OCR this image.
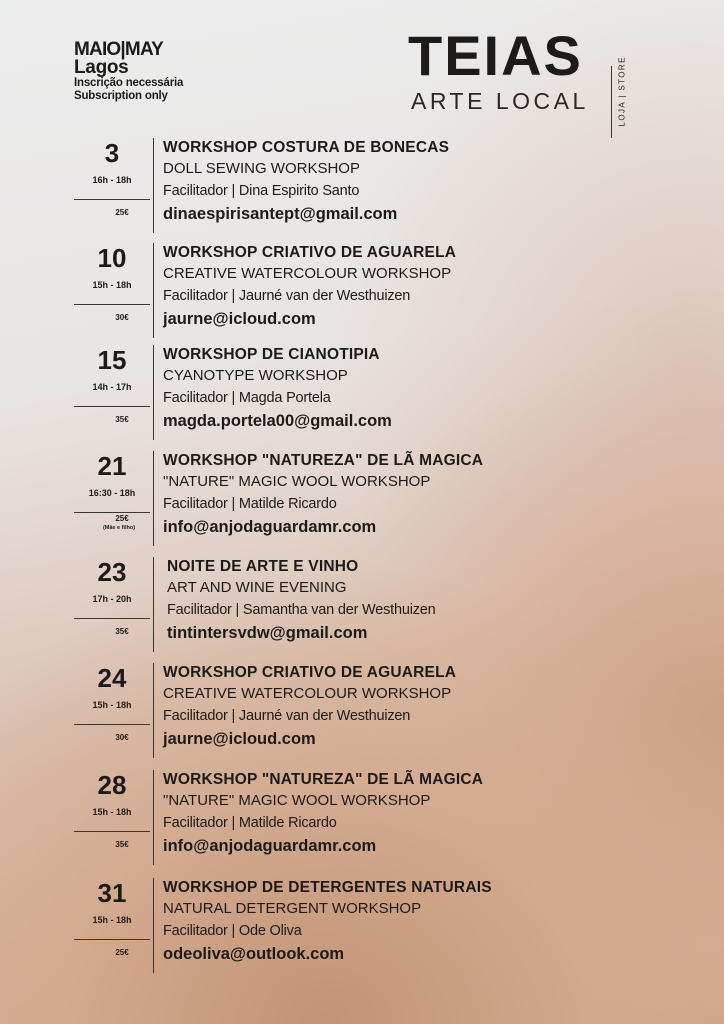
MAIO|MAY
Lagos
Inscrição necessária
Subscription only
TEIAS
ARTE LOCAL	LOJA | STORE
3
16h - 18h
25€
WORKSHOP COSTURA DE BONECAS
DOLL SEWING WORKSHOP
Facilitador | Dina Espirito Santo
dinaespirisantept@gmail.com
10
15h - 18h
30€
WORKSHOP CRIATIVO DE AGUARELA
CREATIVE WATERCOLOUR WORKSHOP
Facilitador | Jaurné van der Westhuizen
jaurne@icloud.com
15
14h - 17h
35€
WORKSHOP DE CIANOTIPIA
CYANOTYPE WORKSHOP
Facilitador | Magda Portela
magda.portela00@gmail.com
21
16:30 - 18h
25€
(Mãe e filho)
WORKSHOP "NATUREZA" DE LÃ MAGICA
"NATURE" MAGIC WOOL WORKSHOP
Facilitador | Matilde Ricardo
info@anjodaguardamr.com
23
17h - 20h
35€
NOITE DE ARTE E VINHO
ART AND WINE EVENING
Facilitador | Samantha van der Westhuizen
tintintersvdw@gmail.com
24
15h - 18h
30€
WORKSHOP CRIATIVO DE AGUARELA
CREATIVE WATERCOLOUR WORKSHOP
Facilitador | Jaurné van der Westhuizen
jaurne@icloud.com
28
15h - 18h
35€
WORKSHOP "NATUREZA" DE LÃ MAGICA
"NATURE" MAGIC WOOL WORKSHOP
Facilitador | Matilde Ricardo
info@anjodaguardamr.com
31
15h - 18h
25€
WORKSHOP DE DETERGENTES NATURAIS
NATURAL DETERGENT WORKSHOP
Facilitador | Ode Oliva
odeoliva@outlook.com
